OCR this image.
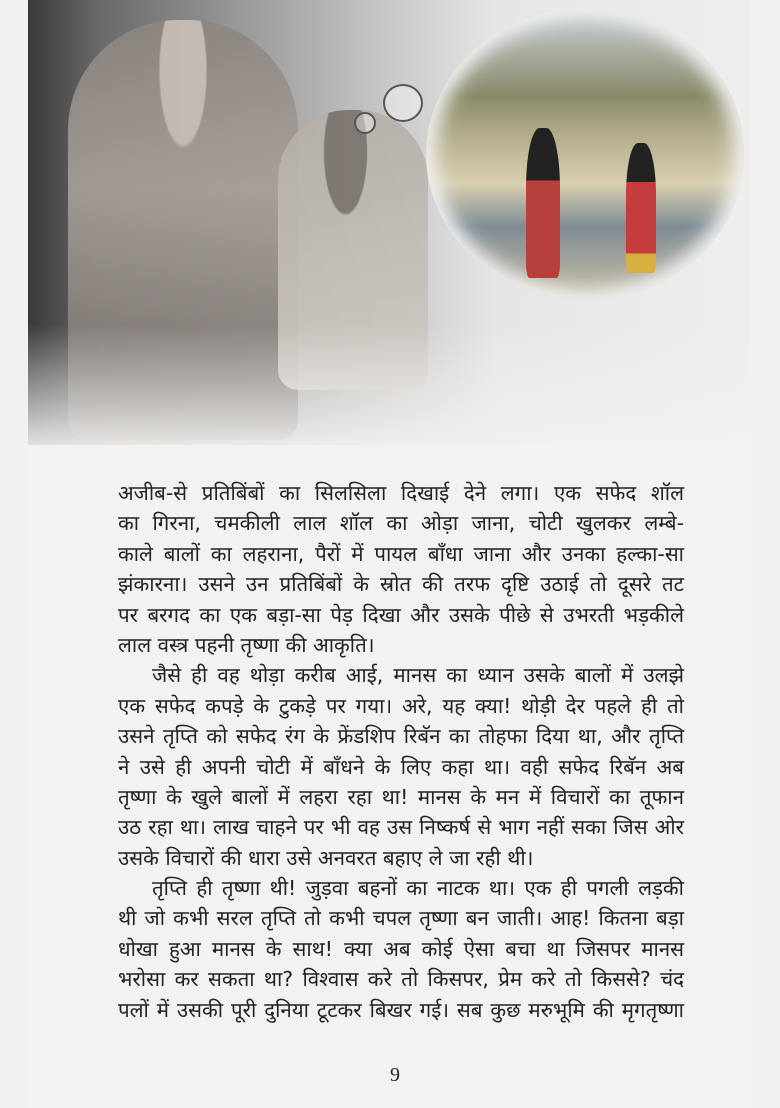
अजीब-से प्रतिबिंबों का सिलसिला दिखाई देने लगा। एक सफेद शॉल
का गिरना, चमकीली लाल शॉल का ओड़ा जाना, चोटी खुलकर लम्बे-
काले बालों का लहराना, पैरों में पायल बाँधा जाना और उनका हल्का-सा
झंकारना। उसने उन प्रतिबिंबों के स्रोत की तरफ दृष्टि उठाई तो दूसरे तट
पर बरगद का एक बड़ा-सा पेड़ दिखा और उसके पीछे से उभरती भड़कीले
लाल वस्त्र पहनी तृष्णा की आकृति।
जैसे ही वह थोड़ा करीब आई, मानस का ध्यान उसके बालों में उलझे
एक सफेद कपड़े के टुकड़े पर गया। अरे, यह क्या! थोड़ी देर पहले ही तो
उसने तृप्ति को सफेद रंग के फ्रेंडशिप रिबॅन का तोहफा दिया था, और तृप्ति
ने उसे ही अपनी चोटी में बाँधने के लिए कहा था। वही सफेद रिबॅन अब
तृष्णा के खुले बालों में लहरा रहा था! मानस के मन में विचारों का तूफान
उठ रहा था। लाख चाहने पर भी वह उस निष्कर्ष से भाग नहीं सका जिस ओर
उसके विचारों की धारा उसे अनवरत बहाए ले जा रही थी।
तृप्ति ही तृष्णा थी! जुड़वा बहनों का नाटक था। एक ही पगली लड़की
थी जो कभी सरल तृप्ति तो कभी चपल तृष्णा बन जाती। आह! कितना बड़ा
धोखा हुआ मानस के साथ! क्या अब कोई ऐसा बचा था जिसपर मानस
भरोसा कर सकता था? विश्वास करे तो किसपर, प्रेम करे तो किससे? चंद
पलों में उसकी पूरी दुनिया टूटकर बिखर गई। सब कुछ मरुभूमि की मृगतृष्णा
9
